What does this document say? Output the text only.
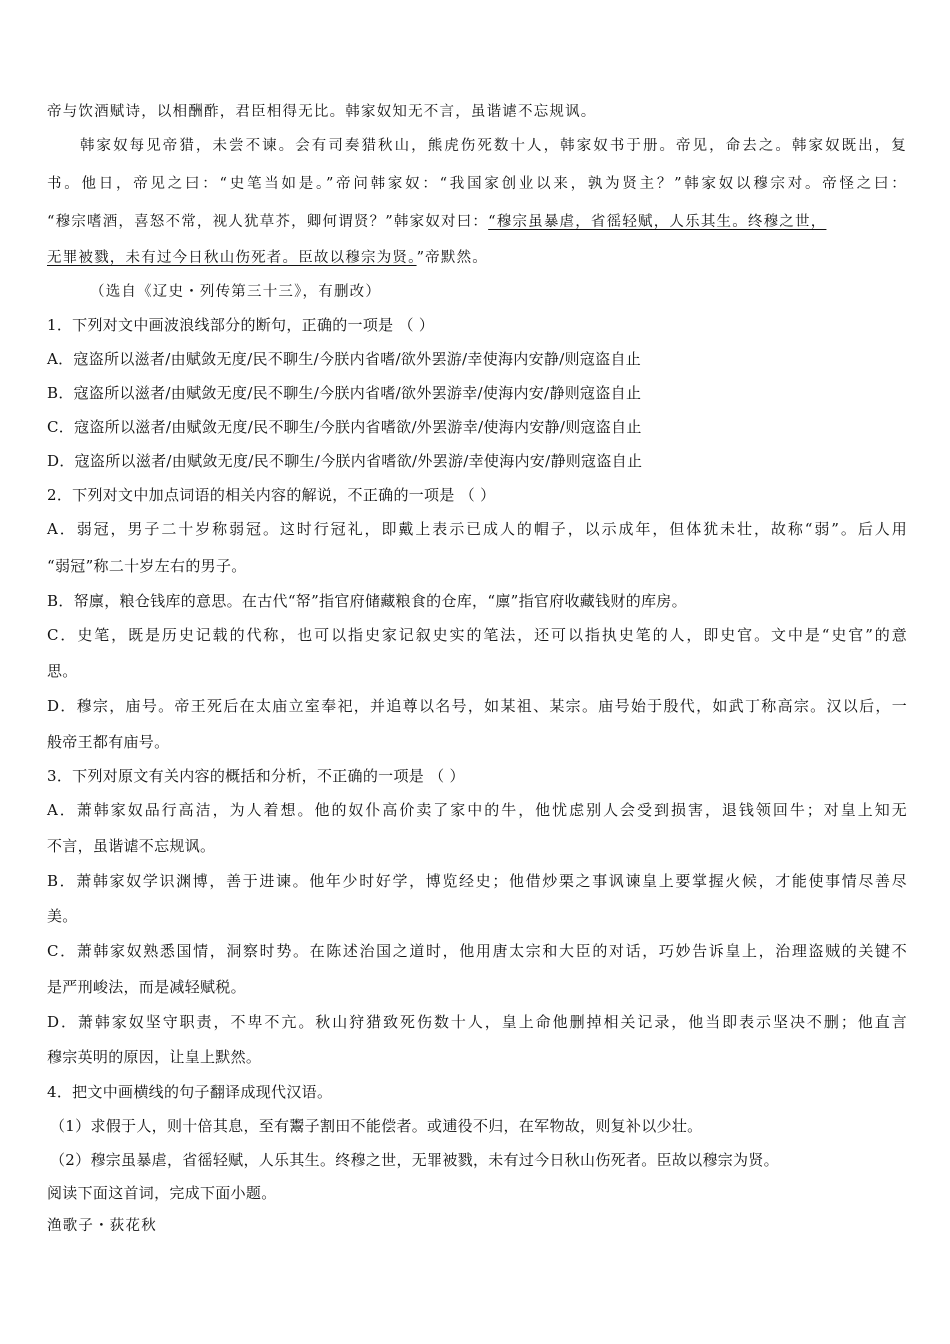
帝与饮酒赋诗，以相酬酢，君臣相得无比。韩家奴知无不言，虽谐谑不忘规讽。
韩家奴每见帝猎，未尝不谏。会有司奏猎秋山，熊虎伤死数十人，韩家奴书于册。帝见，命去之。韩家奴既出，复
书。他日，帝见之曰：“史笔当如是。”帝问韩家奴：“我国家创业以来，孰为贤主？”韩家奴以穆宗对。帝怪之曰：
“穆宗嗜酒，喜怒不常，视人犹草芥，卿何谓贤？”韩家奴对曰：“穆宗虽暴虐，省徭轻赋，人乐其生。终穆之世，
无罪被戮，未有过今日秋山伤死者。臣故以穆宗为贤。”帝默然。
（选自《辽史・列传第三十三》，有删改）
1．下列对文中画波浪线部分的断句，正确的一项是 （ ）
A．寇盗所以滋者/由赋敛无度/民不聊生/今朕内省嗜/欲外罢游/幸使海内安静/则寇盗自止
B．寇盗所以滋者/由赋敛无度/民不聊生/今朕内省嗜/欲外罢游幸/使海内安/静则寇盗自止
C．寇盗所以滋者/由赋敛无度/民不聊生/今朕内省嗜欲/外罢游幸/使海内安静/则寇盗自止
D．寇盗所以滋者/由赋敛无度/民不聊生/今朕内省嗜欲/外罢游/幸使海内安/静则寇盗自止
2．下列对文中加点词语的相关内容的解说，不正确的一项是 （ ）
A．弱冠，男子二十岁称弱冠。这时行冠礼，即戴上表示已成人的帽子，以示成年，但体犹未壮，故称“弱”。后人用
“弱冠”称二十岁左右的男子。
B．帑廪，粮仓钱库的意思。在古代“帑”指官府储藏粮食的仓库，“廪”指官府收藏钱财的库房。
C．史笔，既是历史记载的代称，也可以指史家记叙史实的笔法，还可以指执史笔的人，即史官。文中是“史官”的意
思。
D．穆宗，庙号。帝王死后在太庙立室奉祀，并追尊以名号，如某祖、某宗。庙号始于殷代，如武丁称高宗。汉以后，一
般帝王都有庙号。
3．下列对原文有关内容的概括和分析，不正确的一项是 （ ）
A．萧韩家奴品行高洁，为人着想。他的奴仆高价卖了家中的牛，他忧虑别人会受到损害，退钱领回牛；对皇上知无
不言，虽谐谑不忘规讽。
B．萧韩家奴学识渊博，善于进谏。他年少时好学，博览经史；他借炒栗之事讽谏皇上要掌握火候，才能使事情尽善尽
美。
C．萧韩家奴熟悉国情，洞察时势。在陈述治国之道时，他用唐太宗和大臣的对话，巧妙告诉皇上，治理盗贼的关键不
是严刑峻法，而是减轻赋税。
D．萧韩家奴坚守职责，不卑不亢。秋山狩猎致死伤数十人，皇上命他删掉相关记录，他当即表示坚决不删；他直言
穆宗英明的原因，让皇上默然。
4．把文中画横线的句子翻译成现代汉语。
（1）求假于人，则十倍其息，至有鬻子割田不能偿者。或逋役不归，在军物故，则复补以少壮。
（2）穆宗虽暴虐，省徭轻赋，人乐其生。终穆之世，无罪被戮，未有过今日秋山伤死者。臣故以穆宗为贤。
阅读下面这首词，完成下面小题。
渔歌子・荻花秋
